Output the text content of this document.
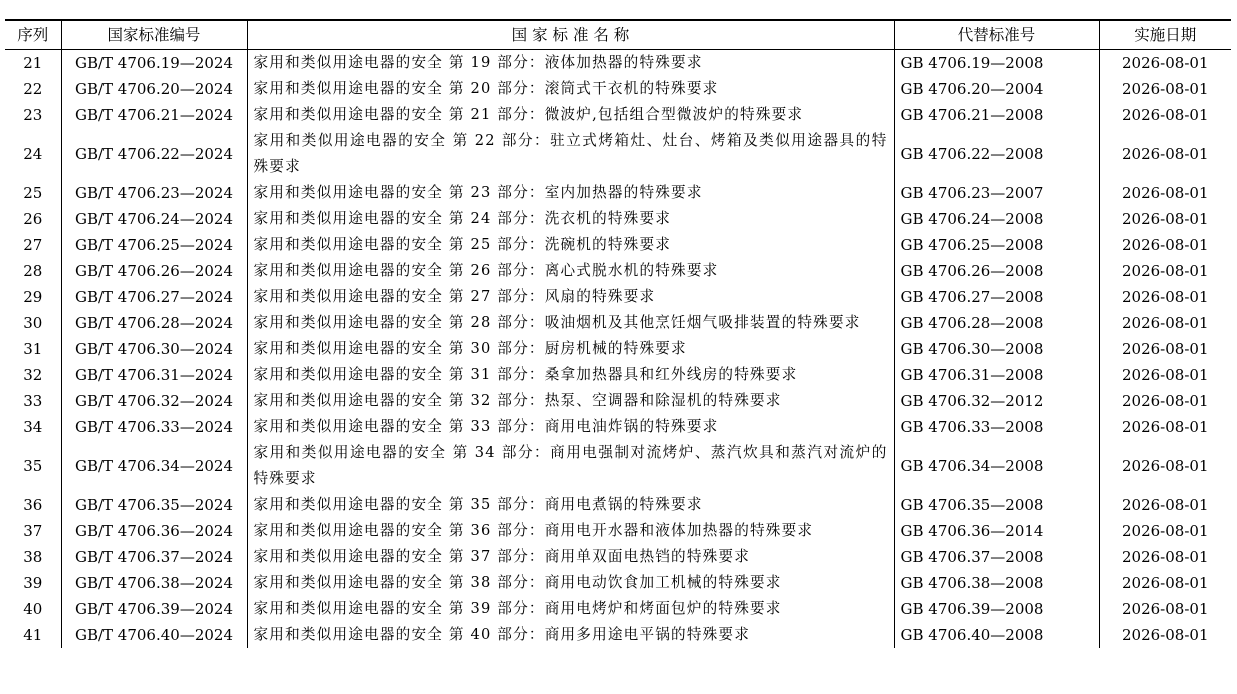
序列	国家标准编号	国 家 标 准 名 称	代替标准号	实施日期
21	GB/T 4706.19—2024	家用和类似用途电器的安全 第 19 部分：液体加热器的特殊要求	GB 4706.19—2008	2026-08-01
22	GB/T 4706.20—2024	家用和类似用途电器的安全 第 20 部分：滚筒式干衣机的特殊要求	GB 4706.20—2004	2026-08-01
23	GB/T 4706.21—2024	家用和类似用途电器的安全 第 21 部分：微波炉,包括组合型微波炉的特殊要求	GB 4706.21—2008	2026-08-01
24	GB/T 4706.22—2024	家用和类似用途电器的安全 第 22 部分：驻立式烤箱灶、灶台、烤箱及类似用途器具的特殊要求	GB 4706.22—2008	2026-08-01
25	GB/T 4706.23—2024	家用和类似用途电器的安全 第 23 部分：室内加热器的特殊要求	GB 4706.23—2007	2026-08-01
26	GB/T 4706.24—2024	家用和类似用途电器的安全 第 24 部分：洗衣机的特殊要求	GB 4706.24—2008	2026-08-01
27	GB/T 4706.25—2024	家用和类似用途电器的安全 第 25 部分：洗碗机的特殊要求	GB 4706.25—2008	2026-08-01
28	GB/T 4706.26—2024	家用和类似用途电器的安全 第 26 部分：离心式脱水机的特殊要求	GB 4706.26—2008	2026-08-01
29	GB/T 4706.27—2024	家用和类似用途电器的安全 第 27 部分：风扇的特殊要求	GB 4706.27—2008	2026-08-01
30	GB/T 4706.28—2024	家用和类似用途电器的安全 第 28 部分：吸油烟机及其他烹饪烟气吸排装置的特殊要求	GB 4706.28—2008	2026-08-01
31	GB/T 4706.30—2024	家用和类似用途电器的安全 第 30 部分：厨房机械的特殊要求	GB 4706.30—2008	2026-08-01
32	GB/T 4706.31—2024	家用和类似用途电器的安全 第 31 部分：桑拿加热器具和红外线房的特殊要求	GB 4706.31—2008	2026-08-01
33	GB/T 4706.32—2024	家用和类似用途电器的安全 第 32 部分：热泵、空调器和除湿机的特殊要求	GB 4706.32—2012	2026-08-01
34	GB/T 4706.33—2024	家用和类似用途电器的安全 第 33 部分：商用电油炸锅的特殊要求	GB 4706.33—2008	2026-08-01
35	GB/T 4706.34—2024	家用和类似用途电器的安全 第 34 部分：商用电强制对流烤炉、蒸汽炊具和蒸汽对流炉的特殊要求	GB 4706.34—2008	2026-08-01
36	GB/T 4706.35—2024	家用和类似用途电器的安全 第 35 部分：商用电煮锅的特殊要求	GB 4706.35—2008	2026-08-01
37	GB/T 4706.36—2024	家用和类似用途电器的安全 第 36 部分：商用电开水器和液体加热器的特殊要求	GB 4706.36—2014	2026-08-01
38	GB/T 4706.37—2024	家用和类似用途电器的安全 第 37 部分：商用单双面电热铛的特殊要求	GB 4706.37—2008	2026-08-01
39	GB/T 4706.38—2024	家用和类似用途电器的安全 第 38 部分：商用电动饮食加工机械的特殊要求	GB 4706.38—2008	2026-08-01
40	GB/T 4706.39—2024	家用和类似用途电器的安全 第 39 部分：商用电烤炉和烤面包炉的特殊要求	GB 4706.39—2008	2026-08-01
41	GB/T 4706.40—2024	家用和类似用途电器的安全 第 40 部分：商用多用途电平锅的特殊要求	GB 4706.40—2008	2026-08-01
